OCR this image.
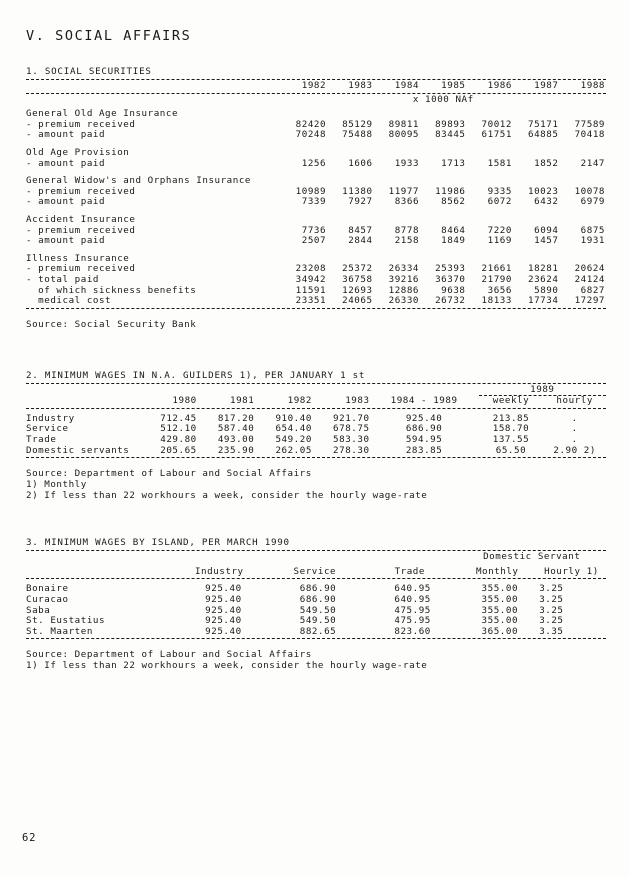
V. SOCIAL AFFAIRS
1. SOCIAL SECURITIES
	1982	1983	1984	1985	1986	1987	1988
	x 1000 NAf						

General Old Age Insurance							
- premium received	82420	85129	89811	89893	70012	75171	77589
- amount paid	70248	75488	80095	83445	61751	64885	70418

Old Age Provision							
- amount paid	1256	1606	1933	1713	1581	1852	2147

General Widow's and Orphans Insurance							
- premium received	10989	11380	11977	11986	9335	10023	10078
- amount paid	7339	7927	8366	8562	6072	6432	6979

Accident Insurance							
- premium received	7736	8457	8778	8464	7220	6094	6875
- amount paid	2507	2844	2158	1849	1169	1457	1931

Illness Insurance							
- premium received	23208	25372	26334	25393	21661	18281	20624
- total paid	34942	36758	39216	36370	21790	23624	24124
of which sickness benefits	11591	12693	12886	9638	3656	5890	6827
medical cost	23351	24065	26330	26732	18133	17734	17297
Source: Social Security Bank
2. MINIMUM WAGES IN N.A. GUILDERS 1), PER JANUARY 1 st
						1989	

	1980	1981	1982	1983	1984 - 1989	weekly	hourly

Industry	712.45	817.20	910.40	921.70	925.40	213.85	.
Service	512.10	587.40	654.40	678.75	686.90	158.70	.
Trade	429.80	493.00	549.20	583.30	594.95	137.55	.
Domestic servants	205.65	235.90	262.05	278.30	283.85	65.50	2.90 2)
Source: Department of Labour and Social Affairs
1) Monthly
2) If less than 22 workhours a week, consider the hourly wage-rate
3. MINIMUM WAGES BY ISLAND, PER MARCH 1990
				Domestic Servant	

	Industry	Service	Trade	Monthly	Hourly 1)

Bonaire	925.40	686.90	640.95	355.00	3.25
Curacao	925.40	686.90	640.95	355.00	3.25
Saba	925.40	549.50	475.95	355.00	3.25
St. Eustatius	925.40	549.50	475.95	355.00	3.25
St. Maarten	925.40	882.65	823.60	365.00	3.35
Source: Department of Labour and Social Affairs
1) If less than 22 workhours a week, consider the hourly wage-rate
62
